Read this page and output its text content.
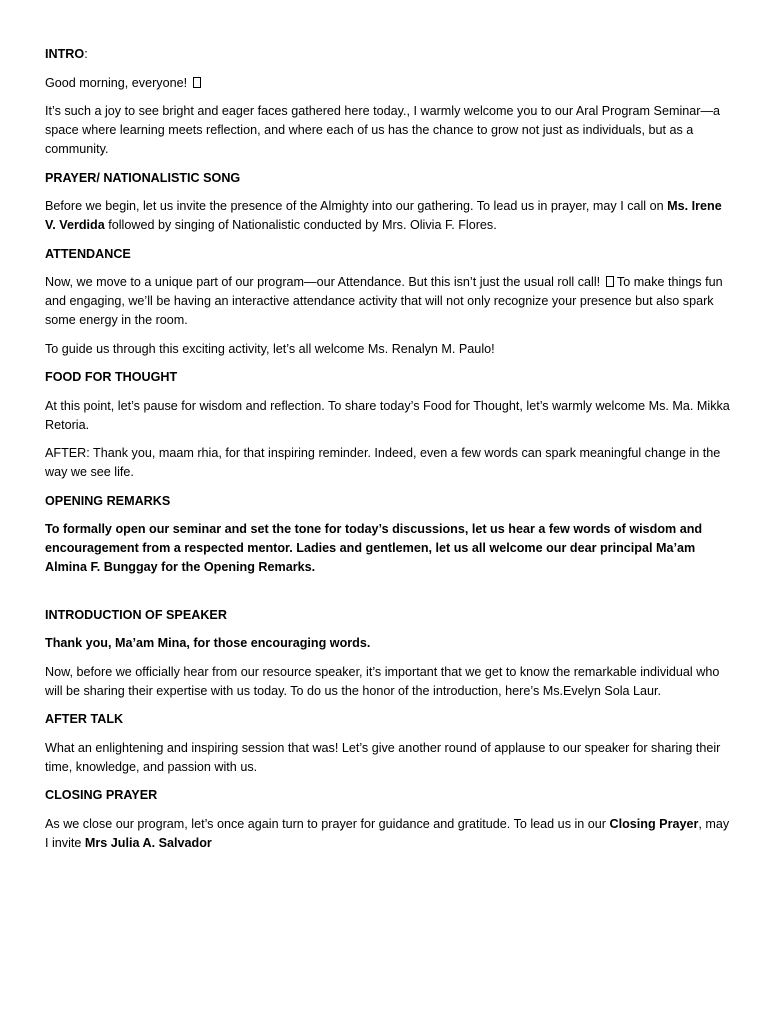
INTRO:

Good morning, everyone!

It’s such a joy to see bright and eager faces gathered here today., I warmly welcome you to our Aral Program Seminar—a space where learning meets reflection, and where each of us has the chance to grow not just as individuals, but as a community.

PRAYER/ NATIONALISTIC SONG

Before we begin, let us invite the presence of the Almighty into our gathering. To lead us in prayer, may I call on Ms. Irene V. Verdida followed by singing of Nationalistic conducted by Mrs. Olivia F. Flores.

ATTENDANCE

Now, we move to a unique part of our program—our Attendance. But this isn’t just the usual roll call!  To make things fun and engaging, we’ll be having an interactive attendance activity that will not only recognize your presence but also spark some energy in the room.

To guide us through this exciting activity, let’s all welcome Ms. Renalyn M. Paulo!

FOOD FOR THOUGHT

At this point, let’s pause for wisdom and reflection. To share today’s Food for Thought, let’s warmly welcome Ms. Ma. Mikka Retoria.

AFTER: Thank you, maam rhia, for that inspiring reminder. Indeed, even a few words can spark meaningful change in the way we see life.

OPENING REMARKS

To formally open our seminar and set the tone for today’s discussions, let us hear a few words of wisdom and encouragement from a respected mentor. Ladies and gentlemen, let us all welcome our dear principal Ma’am Almina F. Bunggay for the Opening Remarks.

INTRODUCTION OF SPEAKER

Thank you, Ma’am Mina, for those encouraging words.

Now, before we officially hear from our resource speaker, it’s important that we get to know the remarkable individual who will be sharing their expertise with us today. To do us the honor of the introduction, here’s Ms.Evelyn Sola Laur.

AFTER TALK

What an enlightening and inspiring session that was! Let’s give another round of applause to our speaker for sharing their time, knowledge, and passion with us.

CLOSING PRAYER

As we close our program, let’s once again turn to prayer for guidance and gratitude. To lead us in our Closing Prayer, may I invite Mrs Julia A. Salvador
